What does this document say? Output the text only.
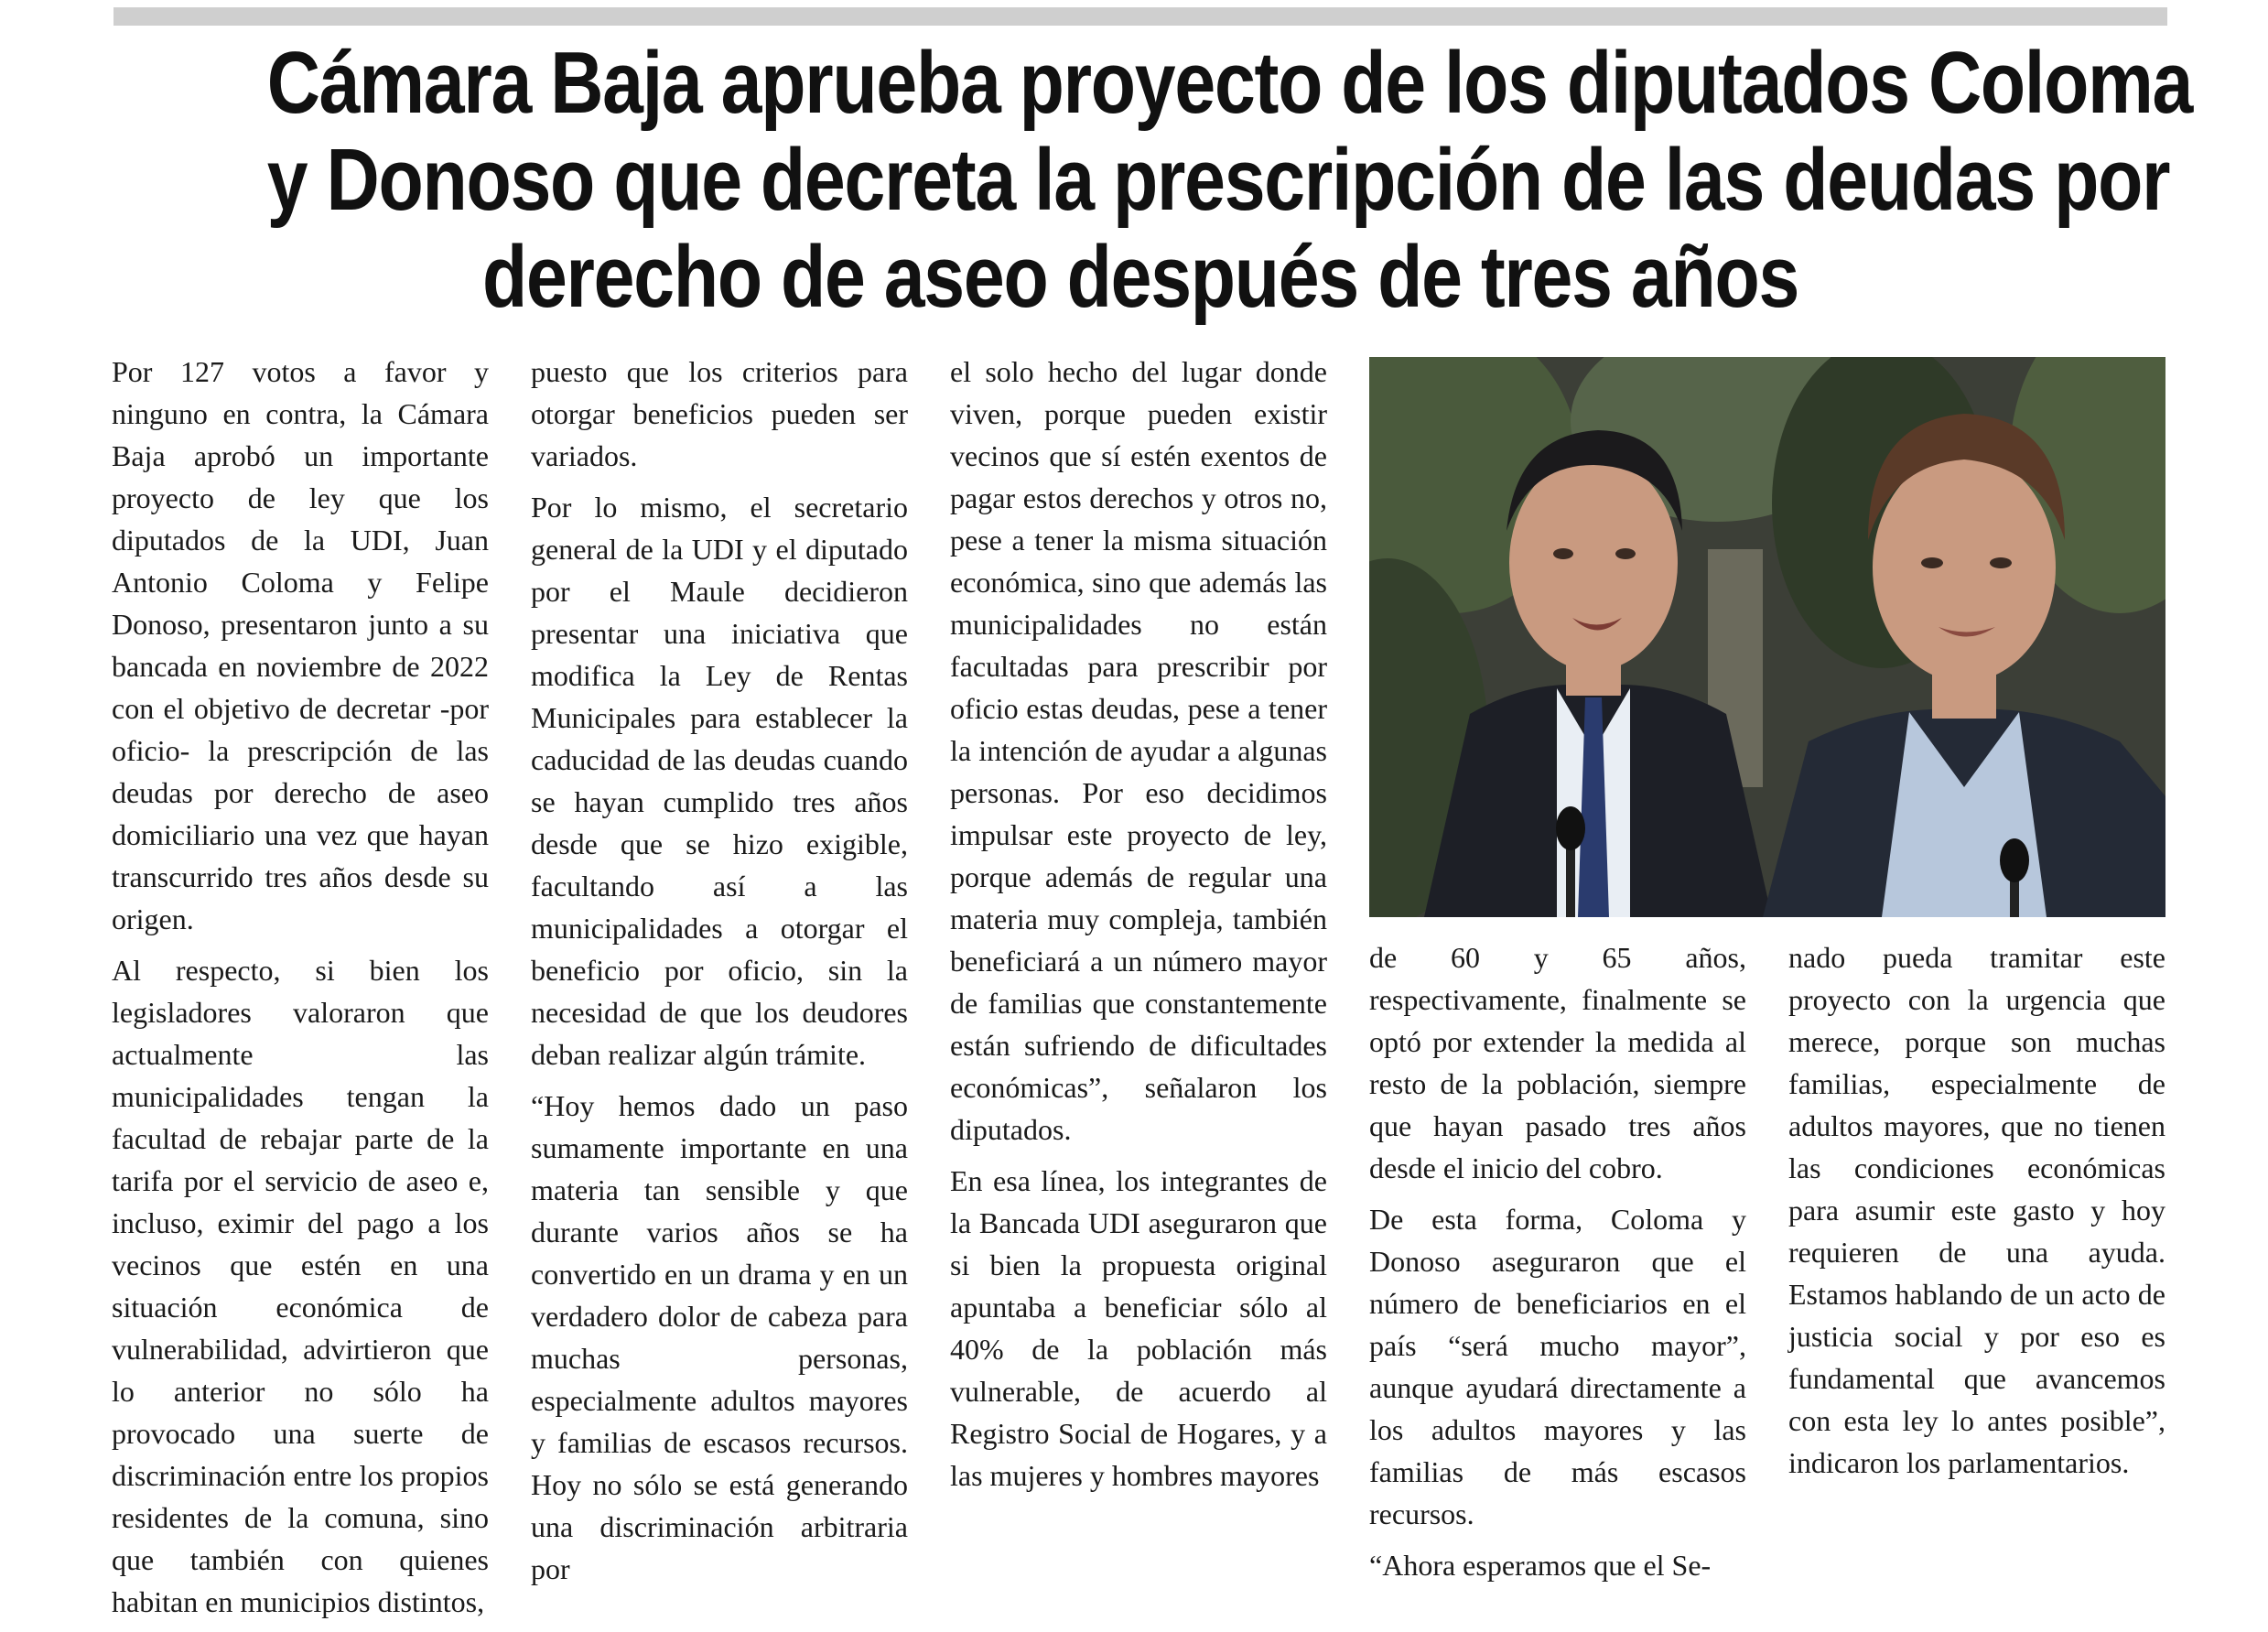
Cámara Baja aprueba proyecto de los diputados Coloma
y Donoso que decreta la prescripción de las deudas por
derecho de aseo después de tres años

Por 127 votos a favor y ninguno en contra, la Cámara Baja aprobó un importante proyecto de ley que los diputados de la UDI, Juan Antonio Coloma y Felipe Donoso, presentaron junto a su bancada en noviembre de 2022 con el objetivo de decretar -por oficio- la prescripción de las deudas por derecho de aseo domiciliario una vez que hayan transcurrido tres años desde su origen.

Al respecto, si bien los legisladores valoraron que actualmente las municipalidades tengan la facultad de rebajar parte de la tarifa por el servicio de aseo e, incluso, eximir del pago a los vecinos que estén en una situación económica de vulnerabilidad, advirtieron que lo anterior no sólo ha provocado una suerte de discriminación entre los propios residentes de la comuna, sino que también con quienes habitan en municipios distintos,

puesto que los criterios para otorgar beneficios pueden ser variados.

Por lo mismo, el secretario general de la UDI y el diputado por el Maule decidieron presentar una iniciativa que modifica la Ley de Rentas Municipales para establecer la caducidad de las deudas cuando se hayan cumplido tres años desde que se hizo exigible, facultando así a las municipalidades a otorgar el beneficio por oficio, sin la necesidad de que los deudores deban realizar algún trámite.

“Hoy hemos dado un paso sumamente importante en una materia tan sensible y que durante varios años se ha convertido en un drama y en un verdadero dolor de cabeza para muchas personas, especialmente adultos mayores y familias de escasos recursos. Hoy no sólo se está generando una discriminación arbitraria por

el solo hecho del lugar donde viven, porque pueden existir vecinos que sí estén exentos de pagar estos derechos y otros no, pese a tener la misma situación económica, sino que además las municipalidades no están facultadas para prescribir por oficio estas deudas, pese a tener la intención de ayudar a algunas personas. Por eso decidimos impulsar este proyecto de ley, porque además de regular una materia muy compleja, también beneficiará a un número mayor de familias que constantemente están sufriendo de dificultades económicas”, señalaron los diputados.

En esa línea, los integrantes de la Bancada UDI aseguraron que si bien la propuesta original apuntaba a beneficiar sólo al 40% de la población más vulnerable, de acuerdo al Registro Social de Hogares, y a las mujeres y hombres mayores

de 60 y 65 años, respectivamente, finalmente se optó por extender la medida al resto de la población, siempre que hayan pasado tres años desde el inicio del cobro.

De esta forma, Coloma y Donoso aseguraron que el número de beneficiarios en el país “será mucho mayor”, aunque ayudará directamente a los adultos mayores y las familias de más escasos recursos.

“Ahora esperamos que el Se-

nado pueda tramitar este proyecto con la urgencia que merece, porque son muchas familias, especialmente de adultos mayores, que no tienen las condiciones económicas para asumir este gasto y hoy requieren de una ayuda. Estamos hablando de un acto de justicia social y por eso es fundamental que avancemos con esta ley lo antes posible”, indicaron los parlamentarios.
